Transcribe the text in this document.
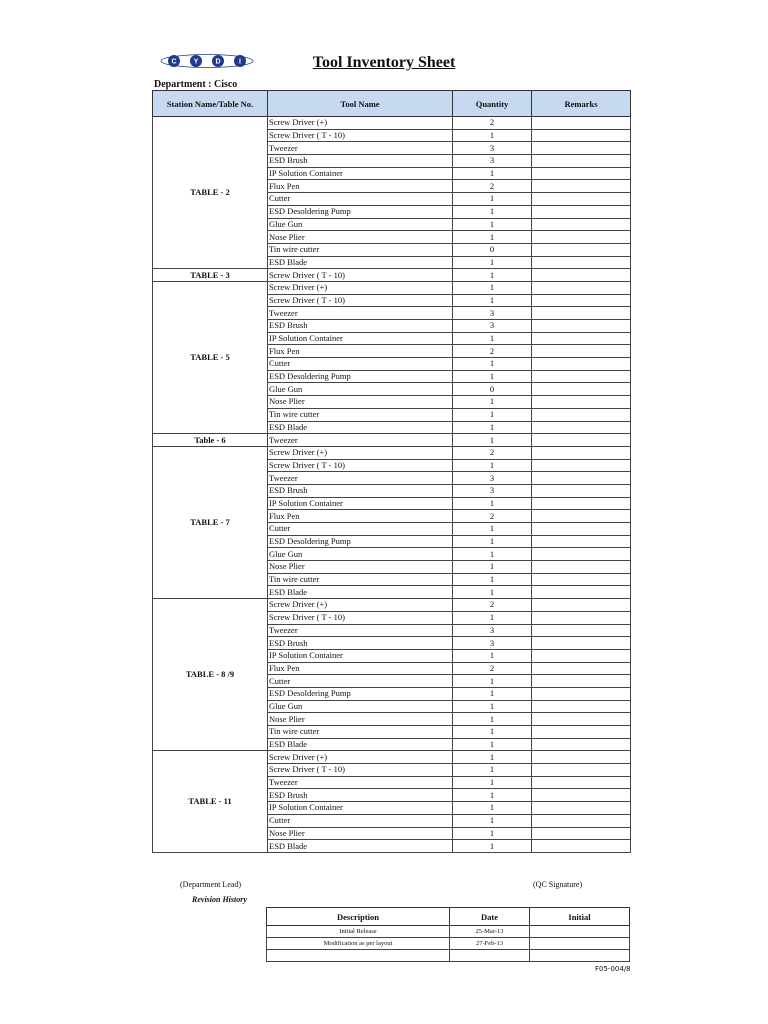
C Y D	I	Tool Inventory Sheet
Department : Cisco
Station Name/Table No.	Tool Name	Quantity	Remarks
TABLE - 2	Screw Driver (+)	2	
	Screw Driver ( T - 10)	1	
	Tweezer	3	
	ESD Brush	3	
	IP Solution Container	1	
	Flux Pen	2	
	Cutter	1	
	ESD Desoldering Pump	1	
	Glue Gun	1	
	Nose Plier	1	
	Tin wire cutter	0	
	ESD Blade	1	
TABLE - 3	Screw Driver ( T - 10)	1	
TABLE - 5	Screw Driver (+)	1	
	Screw Driver ( T - 10)	1	
	Tweezer	3	
	ESD Brush	3	
	IP Solution Container	1	
	Flux Pen	2	
	Cutter	1	
	ESD Desoldering Pump	1	
	Glue Gun	0	
	Nose Plier	1	
	Tin wire cutter	1	
	ESD Blade	1	
Table - 6	Tweezer	1	
TABLE - 7	Screw Driver (+)	2	
	Screw Driver ( T - 10)	1	
	Tweezer	3	
	ESD Brush	3	
	IP Solution Container	1	
	Flux Pen	2	
	Cutter	1	
	ESD Desoldering Pump	1	
	Glue Gun	1	
	Nose Plier	1	
	Tin wire cutter	1	
	ESD Blade	1	
TABLE - 8 /9	Screw Driver (+)	2	
	Screw Driver ( T - 10)	1	
	Tweezer	3	
	ESD Brush	3	
	IP Solution Container	1	
	Flux Pen	2	
	Cutter	1	
	ESD Desoldering Pump	1	
	Glue Gun	1	
	Nose Plier	1	
	Tin wire cutter	1	
	ESD Blade	1	
TABLE - 11	Screw Driver (+)	1	
	Screw Driver ( T - 10)	1	
	Tweezer	1	
	ESD Brush	1	
	IP Solution Container	1	
	Cutter	1	
	Nose Plier	1	
	ESD Blade	1	
(Department Lead)	(QC Signature)
Revision History
Description	Date	Initial
Initial Release	25-Mar-13	
Modification as per layout	27-Feb-13	

F05-004/8
